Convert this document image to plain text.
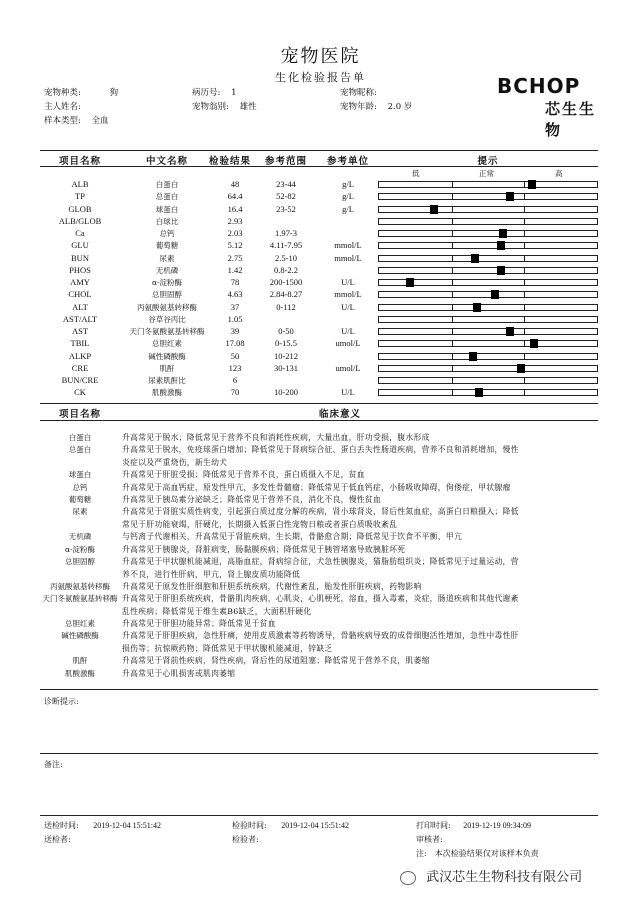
宠物医院
生化检验报告单	BCHOP
芯生生物
宠物种类:	狗	病历号: 1	宠物昵称:
主人姓名:	宠物翁别: 雄性	宠物年龄: 2.0 岁
样本类型: 全血
项目名称	中文名称	检验结果	参考范围	参考单位	提示
低	正常	高
ALB	白蛋白	48	23-44	g/L
TP	总蛋白	64.4	52-82	g/L
GLOB	球蛋白	16.4	23-52	g/L
ALB/GLOB	白球比	2.93
Ca	总钙	2.03	1.97-3
GLU	葡萄糖	5.12	4.11-7.95	mmol/L
BUN	尿素	2.75	2.5-10	mmol/L
PHOS	无机磷	1.42	0.8-2.2
AMY	α-淀粉酶	78	200-1500	U/L
CHOL	总胆固醇	4.63	2.84-8.27	mmol/L
ALT	丙氨酸氨基转移酶	37	0-112	U/L
AST/ALT	谷草谷丙比	1.05
AST	天门冬氨酸氨基转移酶	39	0-50	U/L
TBIL	总胆红素	17.08	0-15.5	umol/L
ALKP	碱性磷酸酶	50	10-212
CRE	肌酐	123	30-131	umol/L
BUN/CRE	尿素肌酐比	6
CK	肌酸激酶	70	10-200	U/L
项目名称	临床意义
白蛋白	升高常见于脱水；降低常见于营养不良和消耗性疾病，大量出血，肝功受损，腹水形成
总蛋白	升高常见于脱水，免疫球蛋白增加；降低常见于肾病综合征、蛋白丢失性肠道疾病，营养不良和消耗增加，慢性
炎症以及严重烧伤，新生幼犬
球蛋白	升高常见于肝脏受损；降低常见于营养不良，蛋白质摄入不足，贫血
总钙	升高常见于高血钙症，原发性甲亢，多发性骨髓瘤；降低常见于低血钙症，小肠吸收障碍，佝偻症，甲状腺瘤
葡萄糖	升高常见于胰岛素分泌缺乏；降低常见于营养不良，消化不良，慢性贫血
尿素	升高常见于肾脏实质性病变，引起蛋白质过度分解的疾病，肾小球肾炎，肾后性氮血症，高蛋白日粮摄入；降低
常见于肝功能衰竭，肝硬化，长期摄入低蛋白性宠物日粮或者蛋白质吸收紊乱
无机磷	与钙离子代谢相关，升高常见于肾脏疾病，生长期，骨骼愈合期；降低常见于饮食不平衡，甲亢
α-淀粉酶	升高常见于胰腺炎，肾脏病变，肠黏膜疾病；降低常见于胰管堵塞导致胰脏坏死
总胆固醇	升高常见于甲状腺机能减退，高脂血症，肾病综合征，犬急性胰腺炎，猫脂肪组织炎；降低常见于过量运动，营
养不良，进行性肝病，甲亢，肾上腺皮质功能降低
丙氨酸氨基转移酶	升高常见于原发性肝细胞和肝胆系统疾病，代谢性紊乱，胎发性肝脏疾病，药物影响
天门冬氨酸氨基转移酶 升高常见于肝胆系统疾病，骨骼肌肉疾病，心肌炎，心肌梗死，溶血，摄入毒素，炎症，肠道疾病和其他代谢紊
乱性疾病；降低常见于维生素B6缺乏，大面积肝硬化
总胆红素	升高常见于肝胆功能异常；降低常见于贫血
碱性磷酸酶	升高常见于肝胆疾病，急性肝痛，使用皮质激素等药物诱导，骨骼疾病导致的成骨细胞活性增加，急性中毒性肝
损伤等；抗惊厥药物；降低常见于甲状腺机能减退，锌缺乏
肌酐	升高常见于肾前性疾病，肾性疾病，肾后性的尿道阻塞；降低常见于营养不良，肌萎缩
肌酸激酶	升高常见于心肌损害或肌肉萎缩
诊断提示:
备注:
送检时间: 2019-12-04 15:51:42	检验时间: 2019-12-04 15:51:42	打印时间: 2019-12-19 09:34:09
送检者:	检验者:	审核者:
注:　本次检验结果仅对该样本负责
武汉芯生生物科技有限公司
